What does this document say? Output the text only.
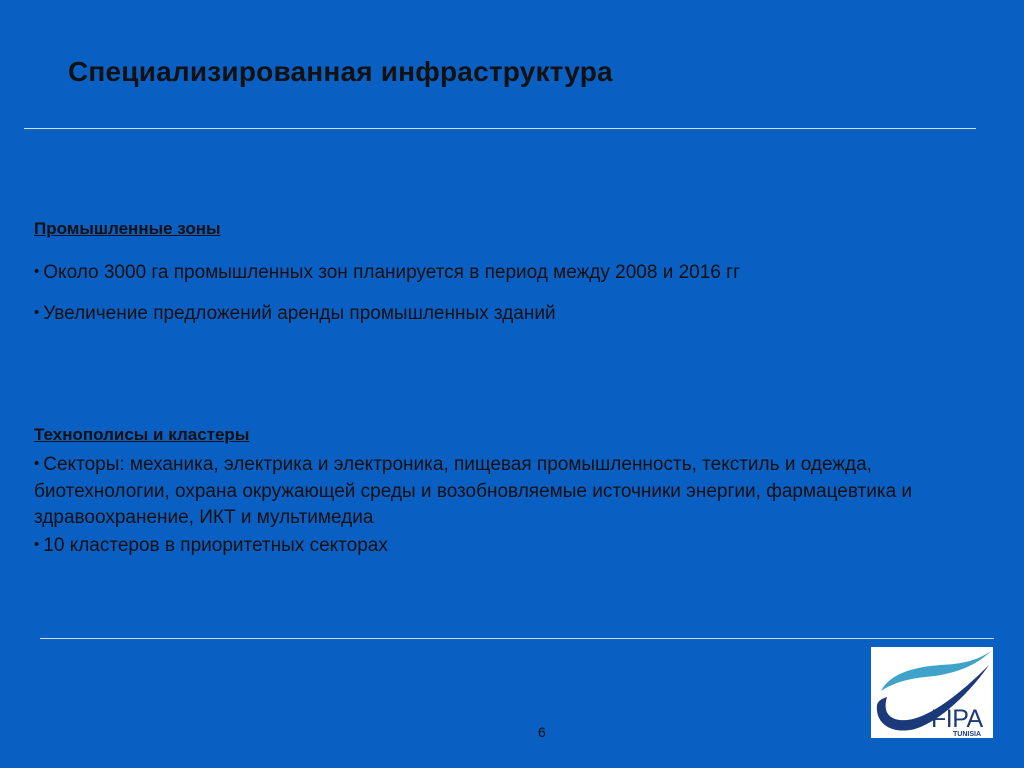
Специализированная инфраструктура

Промышленные зоны

• Около 3000 га промышленных зон планируется в период между 2008 и 2016 гг

• Увеличение предложений аренды промышленных зданий

Технополисы и кластеры

• Секторы: механика, электрика и электроника, пищевая промышленность, текстиль и одежда, биотехнологии, охрана окружающей среды и возобновляемые источники энергии, фармацевтика и здравоохранение, ИКТ и мультимедиа

• 10 кластеров в приоритетных секторах

6	FIPA
TUNISIA
